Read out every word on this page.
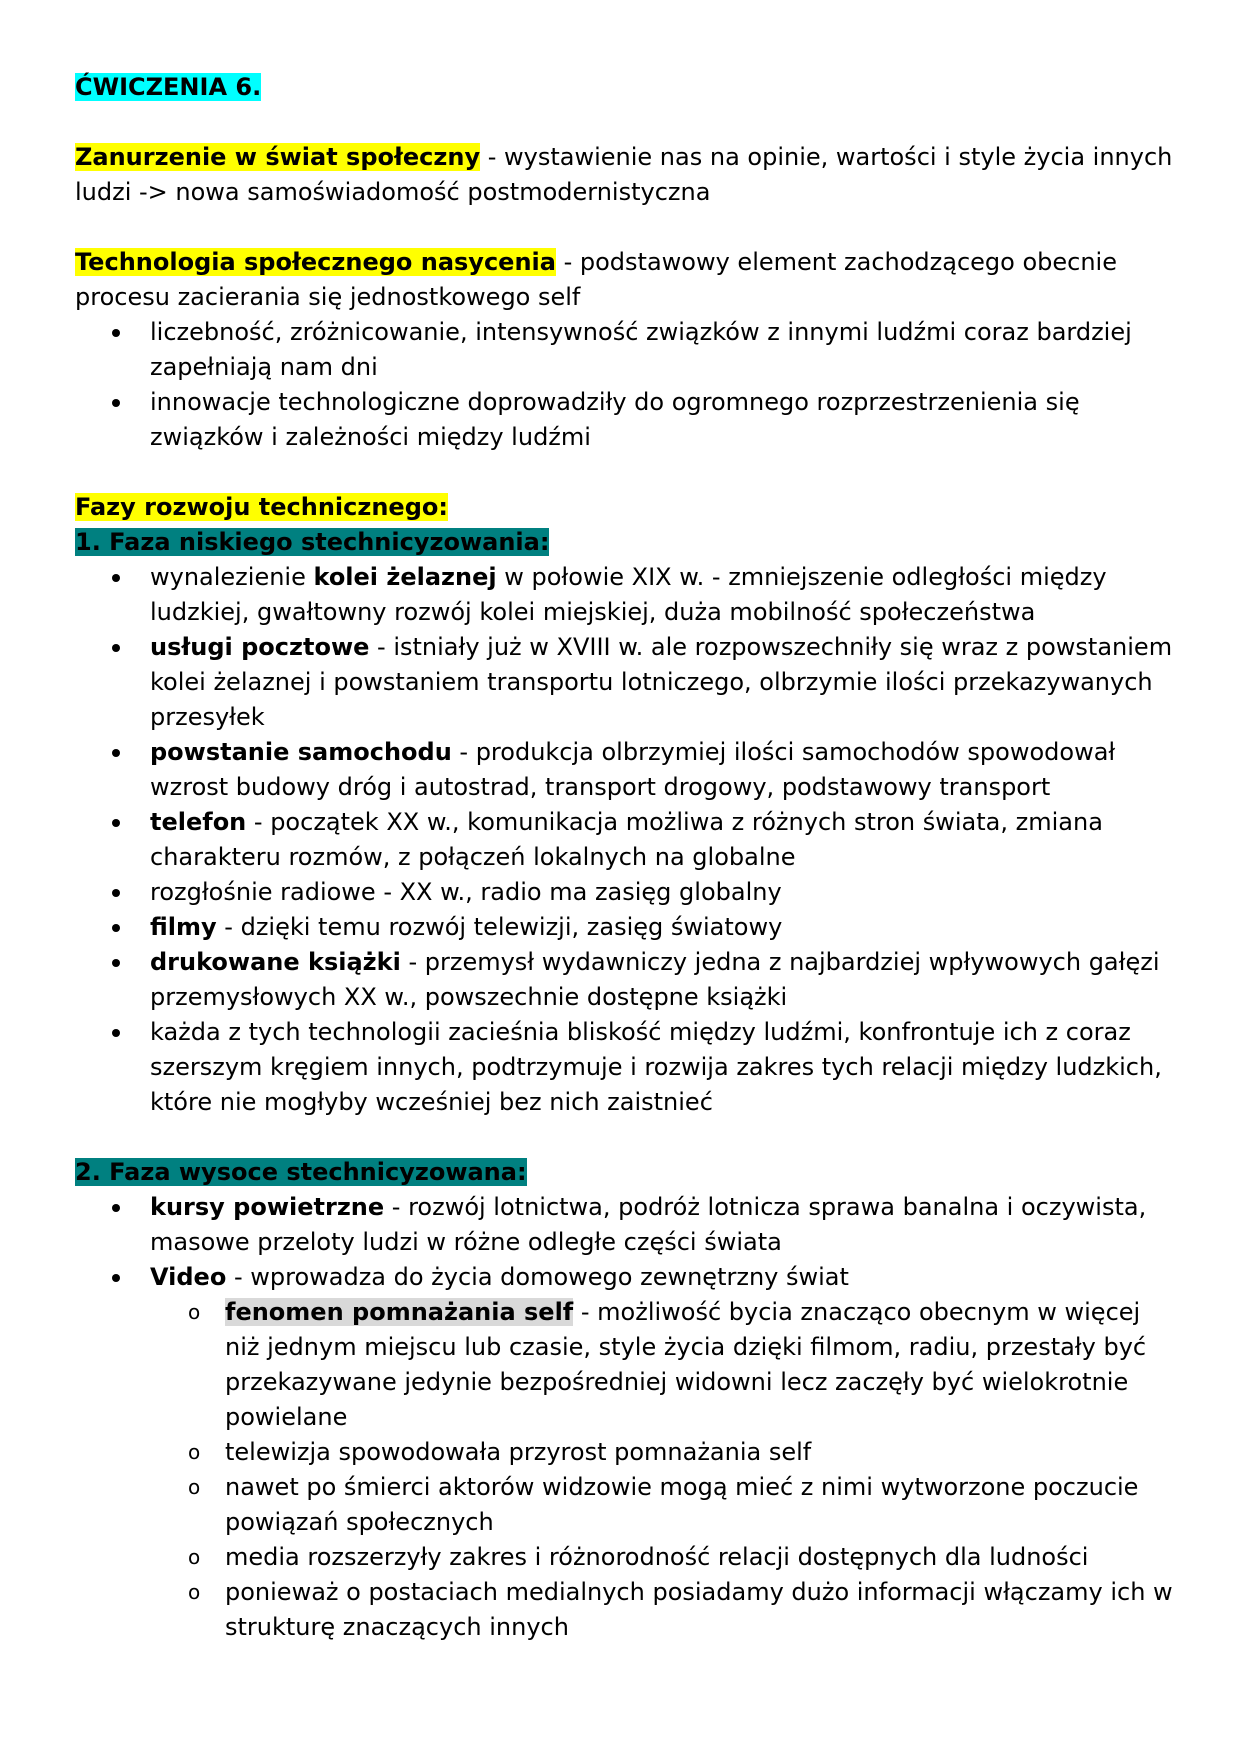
ĆWICZENIA 6.

Zanurzenie w świat społeczny - wystawienie nas na opinie, wartości i style życia innych ludzi -> nowa samoświadomość postmodernistyczna

Technologia społecznego nasycenia - podstawowy element zachodzącego obecnie procesu zacierania się jednostkowego self

liczebność, zróżnicowanie, intensywność związków z innymi ludźmi coraz bardziej zapełniają nam dni
innowacje technologiczne doprowadziły do ogromnego rozprzestrzenienia się związków i zależności między ludźmi

Fazy rozwoju technicznego:

1. Faza niskiego stechnicyzowania:

wynalezienie kolei żelaznej w połowie XIX w. - zmniejszenie odległości między ludzkiej, gwałtowny rozwój kolei miejskiej, duża mobilność społeczeństwa
usługi pocztowe - istniały już w XVIII w. ale rozpowszechniły się wraz z powstaniem kolei żelaznej i powstaniem transportu lotniczego, olbrzymie ilości przekazywanych przesyłek
powstanie samochodu - produkcja olbrzymiej ilości samochodów spowodował wzrost budowy dróg i autostrad, transport drogowy, podstawowy transport
telefon - początek XX w., komunikacja możliwa z różnych stron świata, zmiana charakteru rozmów, z połączeń lokalnych na globalne
rozgłośnie radiowe - XX w., radio ma zasięg globalny
filmy - dzięki temu rozwój telewizji, zasięg światowy
drukowane książki - przemysł wydawniczy jedna z najbardziej wpływowych gałęzi przemysłowych XX w., powszechnie dostępne książki
każda z tych technologii zacieśnia bliskość między ludźmi, konfrontuje ich z coraz szerszym kręgiem innych, podtrzymuje i rozwija zakres tych relacji między ludzkich, które nie mogłyby wcześniej bez nich zaistnieć

2. Faza wysoce stechnicyzowana:

kursy powietrzne - rozwój lotnictwa, podróż lotnicza sprawa banalna i oczywista, masowe przeloty ludzi w różne odległe części świata
Video - wprowadza do życia domowego zewnętrzny świat
o fenomen pomnażania self - możliwość bycia znacząco obecnym w więcej niż jednym miejscu lub czasie, style życia dzięki filmom, radiu, przestały być przekazywane jedynie bezpośredniej widowni lecz zaczęły być wielokrotnie powielane
o telewizja spowodowała przyrost pomnażania self
o nawet po śmierci aktorów widzowie mogą mieć z nimi wytworzone poczucie powiązań społecznych
o media rozszerzyły zakres i różnorodność relacji dostępnych dla ludności
o ponieważ o postaciach medialnych posiadamy dużo informacji włączamy ich w strukturę znaczących innych
